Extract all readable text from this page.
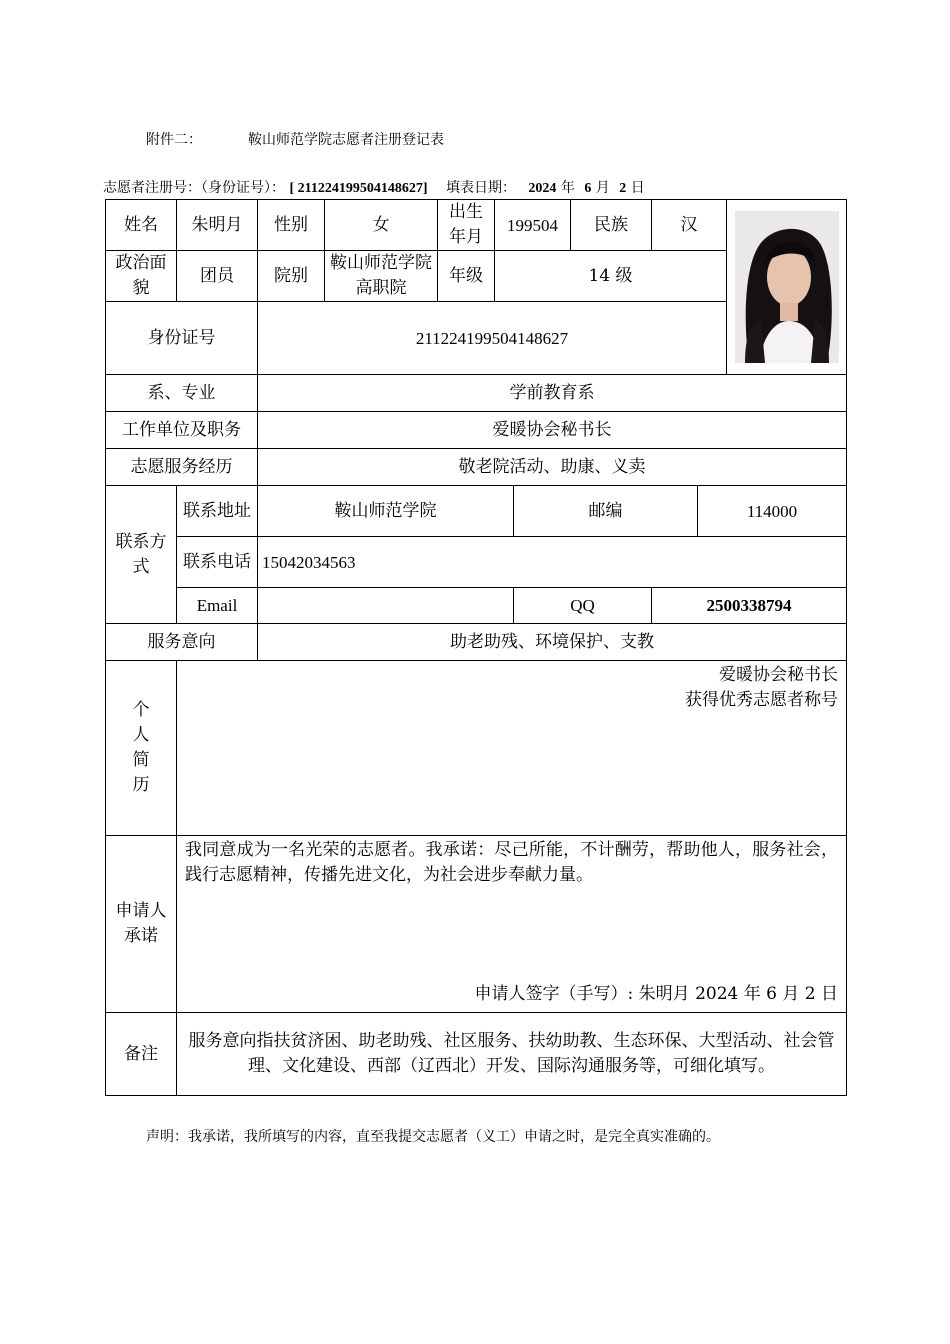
附件二：	鞍山师范学院志愿者注册登记表
志愿者注册号：（身份证号）： [ 211224199504148627] 填表日期： 2024 年 6 月 2 日
姓名	朱明月	性别	女	出生年月	199504		民族	汉	

政治面貌	团员	院别	鞍山师范学院高职院	年级	14 级					
身份证号		211224199504148627								
系、专业		学前教育系								
工作单位及职务		爱暖协会秘书长								
志愿服务经历		敬老院活动、助康、义卖								
联系方式	联系地址	鞍山师范学院				邮编			114000	
	联系电话	15042034563								
	Email					QQ		2500338794		
服务意向		助老助残、环境保护、支教								
个人简历	爱暖协会秘书长
获得优秀志愿者称号									

申请人承诺	我同意成为一名光荣的志愿者。我承诺：尽己所能，不计酬劳，帮助他人，服务社会，践行志愿精神，传播先进文化，为社会进步奉献力量。
申请人签字（手写）: 朱明月 2024 年 6 月 2 日									

备注	服务意向指扶贫济困、助老助残、社区服务、扶幼助教、生态环保、大型活动、社会管理、文化建设、西部（辽西北）开发、国际沟通服务等，可细化填写。									
声明：我承诺，我所填写的内容，直至我提交志愿者（义工）申请之时，是完全真实准确的。
